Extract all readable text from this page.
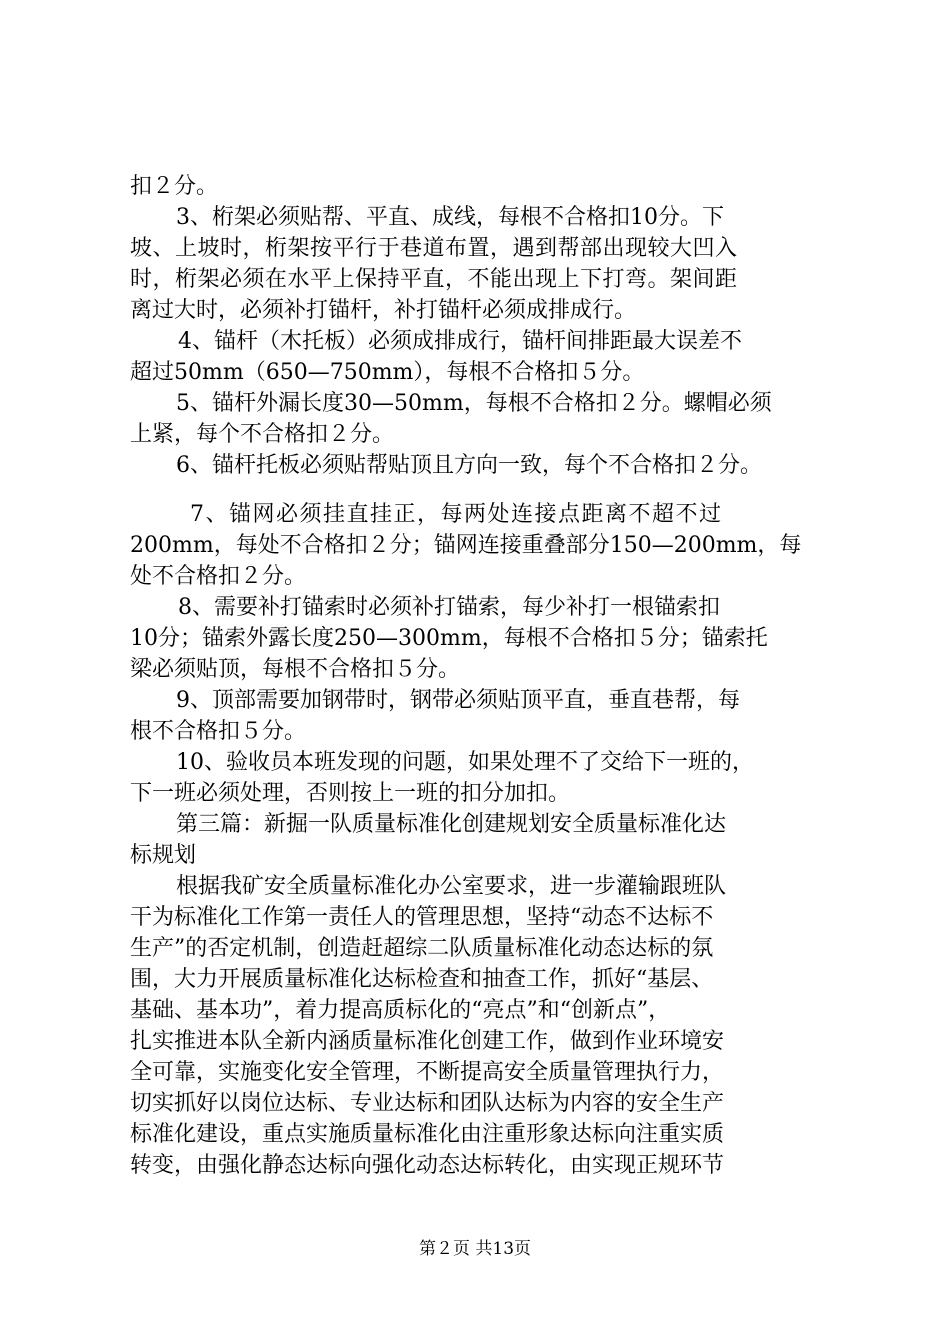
扣２分。
3、桁架必须贴帮、平直、成线，每根不合格扣10分。下
坡、上坡时，桁架按平行于巷道布置，遇到帮部出现较大凹入
时，桁架必须在水平上保持平直，不能出现上下打弯。架间距
离过大时，必须补打锚杆，补打锚杆必须成排成行。
4、锚杆（木托板）必须成排成行，锚杆间排距最大误差不
超过50mm（650—750mm），每根不合格扣５分。
5、锚杆外漏长度30—50mm，每根不合格扣２分。螺帽必须
上紧，每个不合格扣２分。
6、锚杆托板必须贴帮贴顶且方向一致，每个不合格扣２分。
7、锚网必须挂直挂正，每两处连接点距离不超不过
200mm，每处不合格扣２分；锚网连接重叠部分150—200mm，每
处不合格扣２分。
8、需要补打锚索时必须补打锚索，每少补打一根锚索扣
10分；锚索外露长度250—300mm，每根不合格扣５分；锚索托
梁必须贴顶，每根不合格扣５分。
9、顶部需要加钢带时，钢带必须贴顶平直，垂直巷帮，每
根不合格扣５分。
10、验收员本班发现的问题，如果处理不了交给下一班的，
下一班必须处理，否则按上一班的扣分加扣。
第三篇：新掘一队质量标准化创建规划安全质量标准化达
标规划
根据我矿安全质量标准化办公室要求，进一步灌输跟班队
干为标准化工作第一责任人的管理思想，坚持“动态不达标不
生产”的否定机制，创造赶超综二队质量标准化动态达标的氛
围，大力开展质量标准化达标检查和抽查工作，抓好“基层、
基础、基本功”，着力提高质标化的“亮点”和“创新点”，
扎实推进本队全新内涵质量标准化创建工作，做到作业环境安
全可靠，实施变化安全管理，不断提高安全质量管理执行力，
切实抓好以岗位达标、专业达标和团队达标为内容的安全生产
标准化建设，重点实施质量标准化由注重形象达标向注重实质
转变，由强化静态达标向强化动态达标转化，由实现正规环节
第２页 共13页
